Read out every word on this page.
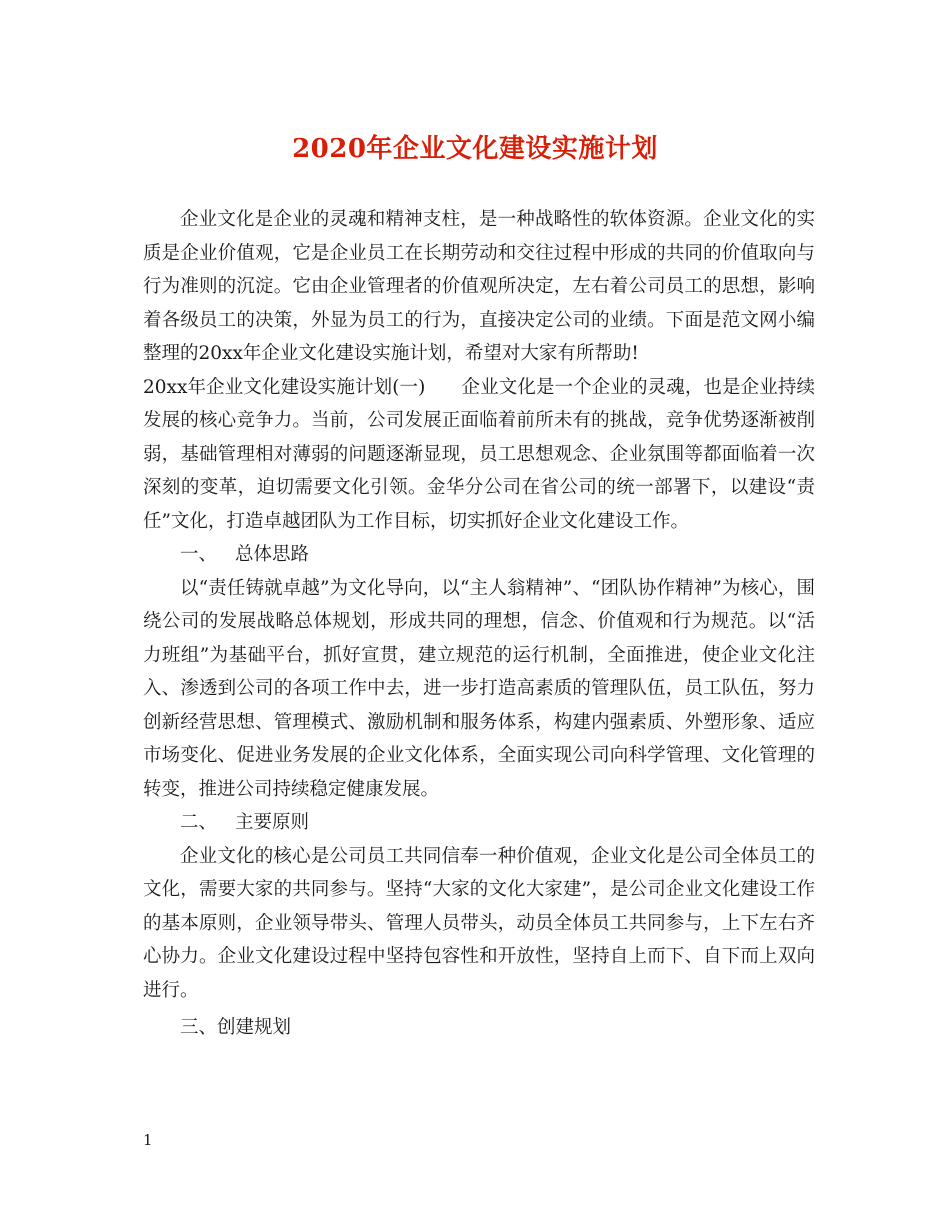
2020年企业文化建设实施计划

企业文化是企业的灵魂和精神支柱，是一种战略性的软体资源。企业文化的实质是企业价值观，它是企业员工在长期劳动和交往过程中形成的共同的价值取向与行为准则的沉淀。它由企业管理者的价值观所决定，左右着公司员工的思想，影响着各级员工的决策，外显为员工的行为，直接决定公司的业绩。下面是范文网小编整理的20xx年企业文化建设实施计划，希望对大家有所帮助!

20xx年企业文化建设实施计划(一) 企业文化是一个企业的灵魂，也是企业持续发展的核心竞争力。当前，公司发展正面临着前所未有的挑战，竞争优势逐渐被削弱，基础管理相对薄弱的问题逐渐显现，员工思想观念、企业氛围等都面临着一次深刻的变革，迫切需要文化引领。金华分公司在省公司的统一部署下，以建设“责任”文化，打造卓越团队为工作目标，切实抓好企业文化建设工作。

一、 总体思路

以“责任铸就卓越”为文化导向，以“主人翁精神”、“团队协作精神”为核心，围绕公司的发展战略总体规划，形成共同的理想，信念、价值观和行为规范。以“活力班组”为基础平台，抓好宣贯，建立规范的运行机制，全面推进，使企业文化注入、渗透到公司的各项工作中去，进一步打造高素质的管理队伍，员工队伍，努力创新经营思想、管理模式、激励机制和服务体系，构建内强素质、外塑形象、适应市场变化、促进业务发展的企业文化体系，全面实现公司向科学管理、文化管理的转变，推进公司持续稳定健康发展。

二、 主要原则

企业文化的核心是公司员工共同信奉一种价值观，企业文化是公司全体员工的文化，需要大家的共同参与。坚持“大家的文化大家建”，是公司企业文化建设工作的基本原则，企业领导带头、管理人员带头，动员全体员工共同参与，上下左右齐心协力。企业文化建设过程中坚持包容性和开放性，坚持自上而下、自下而上双向进行。

三、创建规划

1
